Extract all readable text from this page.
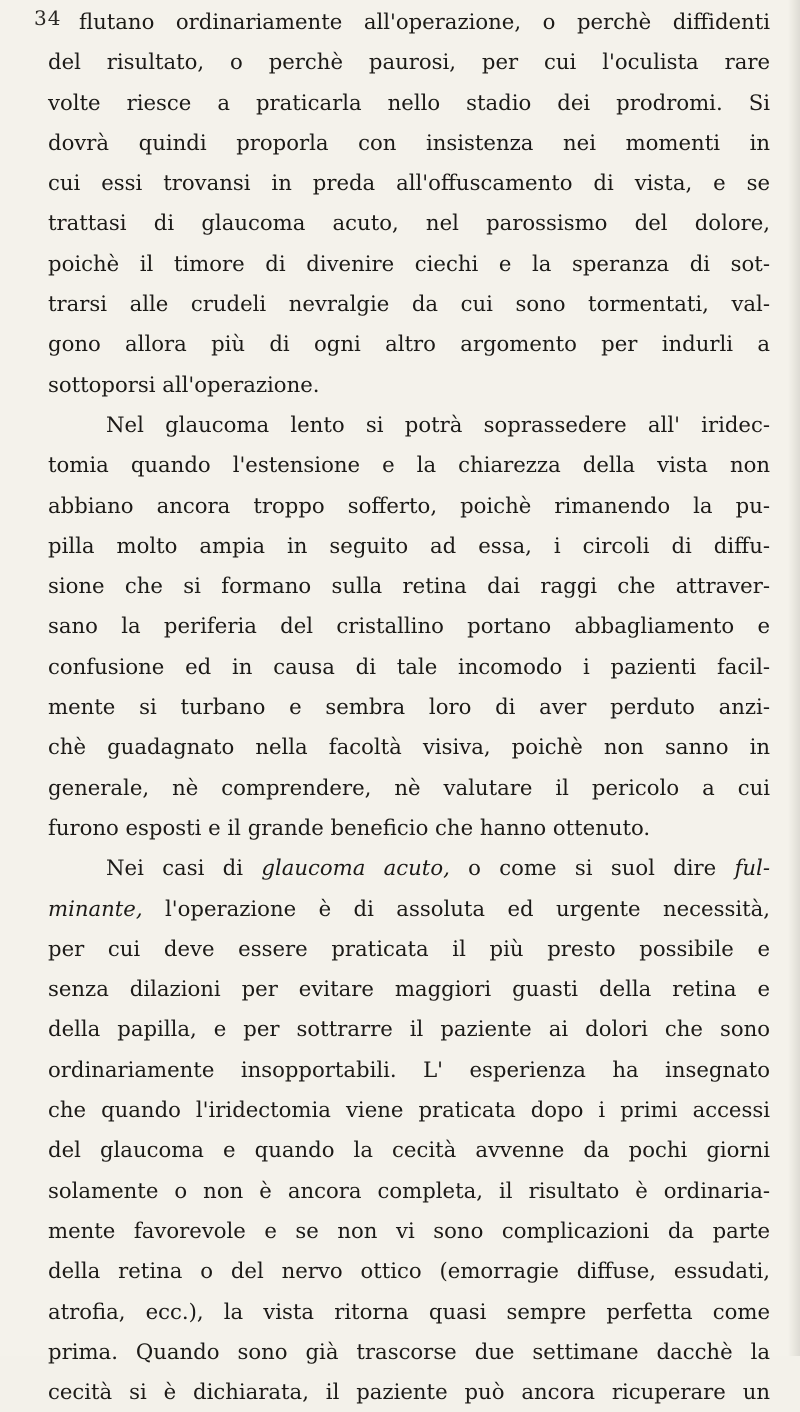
34 flutano ordinariamente all'operazione, o perchè diffidenti
del risultato, o perchè paurosi, per cui l'oculista rare
volte riesce a praticarla nello stadio dei prodromi. Si
dovrà quindi proporla con insistenza nei momenti in
cui essi trovansi in preda all'offuscamento di vista, e se
trattasi di glaucoma acuto, nel parossismo del dolore,
poichè il timore di divenire ciechi e la speranza di sot-
trarsi alle crudeli nevralgie da cui sono tormentati, val-
gono allora più di ogni altro argomento per indurli a
sottoporsi all'operazione.
Nel glaucoma lento si potrà soprassedere all' iridec-
tomia quando l'estensione e la chiarezza della vista non
abbiano ancora troppo sofferto, poichè rimanendo la pu-
pilla molto ampia in seguito ad essa, i circoli di diffu-
sione che si formano sulla retina dai raggi che attraver-
sano la periferia del cristallino portano abbagliamento e
confusione ed in causa di tale incomodo i pazienti facil-
mente si turbano e sembra loro di aver perduto anzi-
chè guadagnato nella facoltà visiva, poichè non sanno in
generale, nè comprendere, nè valutare il pericolo a cui
furono esposti e il grande beneficio che hanno ottenuto.
Nei casi di glaucoma acuto, o come si suol dire ful-
minante, l'operazione è di assoluta ed urgente necessità,
per cui deve essere praticata il più presto possibile e
senza dilazioni per evitare maggiori guasti della retina e
della papilla, e per sottrarre il paziente ai dolori che sono
ordinariamente insopportabili. L' esperienza ha insegnato
che quando l'iridectomia viene praticata dopo i primi accessi
del glaucoma e quando la cecità avvenne da pochi giorni
solamente o non è ancora completa, il risultato è ordinaria-
mente favorevole e se non vi sono complicazioni da parte
della retina o del nervo ottico (emorragie diffuse, essudati,
atrofia, ecc.), la vista ritorna quasi sempre perfetta come
prima. Quando sono già trascorse due settimane dacchè la
cecità si è dichiarata, il paziente può ancora ricuperare un
